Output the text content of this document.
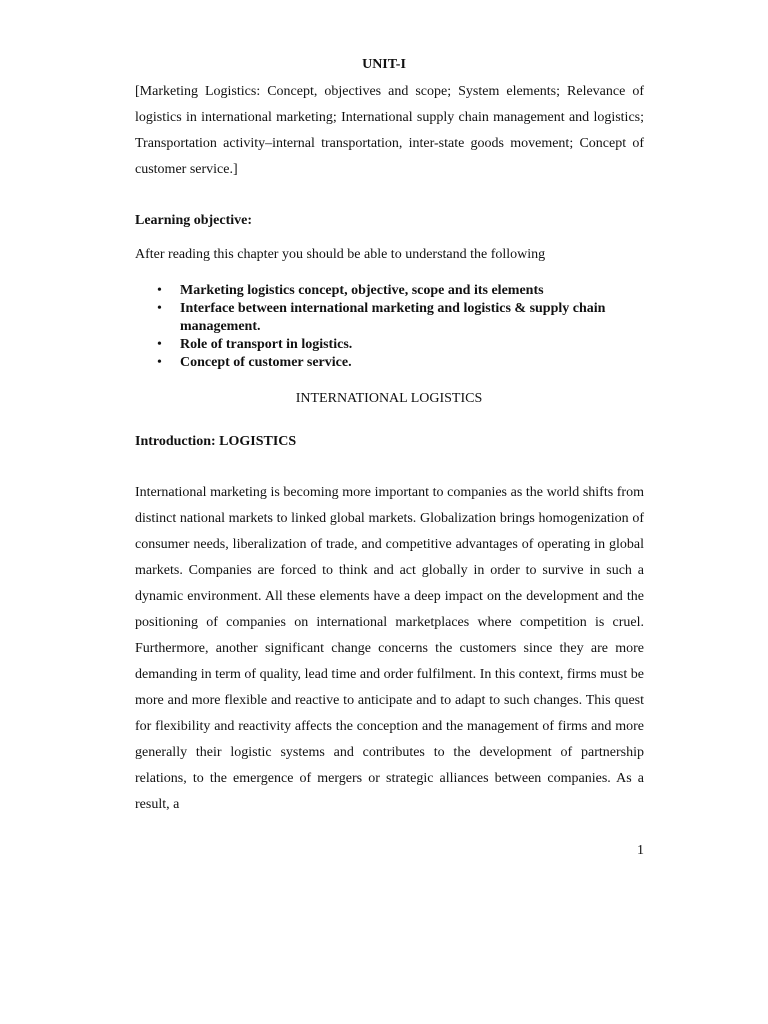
UNIT-I

[Marketing Logistics: Concept, objectives and scope; System elements; Relevance of logistics in international marketing; International supply chain management and logistics; Transportation activity–internal transportation, inter-state goods movement; Concept of customer service.]

Learning objective:

After reading this chapter you should be able to understand the following

• Marketing logistics concept, objective, scope and its elements
• Interface between international marketing and logistics & supply chain management.
• Role of transport in logistics.
• Concept of customer service.

INTERNATIONAL LOGISTICS

Introduction: LOGISTICS

International marketing is becoming more important to companies as the world shifts from distinct national markets to linked global markets. Globalization brings homogenization of consumer needs, liberalization of trade, and competitive advantages of operating in global markets. Companies are forced to think and act globally in order to survive in such a dynamic environment. All these elements have a deep impact on the development and the positioning of companies on international marketplaces where competition is cruel. Furthermore, another significant change concerns the customers since they are more demanding in term of quality, lead time and order fulfilment. In this context, firms must be more and more flexible and reactive to anticipate and to adapt to such changes. This quest for flexibility and reactivity affects the conception and the management of firms and more generally their logistic systems and contributes to the development of partnership relations, to the emergence of mergers or strategic alliances between companies. As a result, a

1
